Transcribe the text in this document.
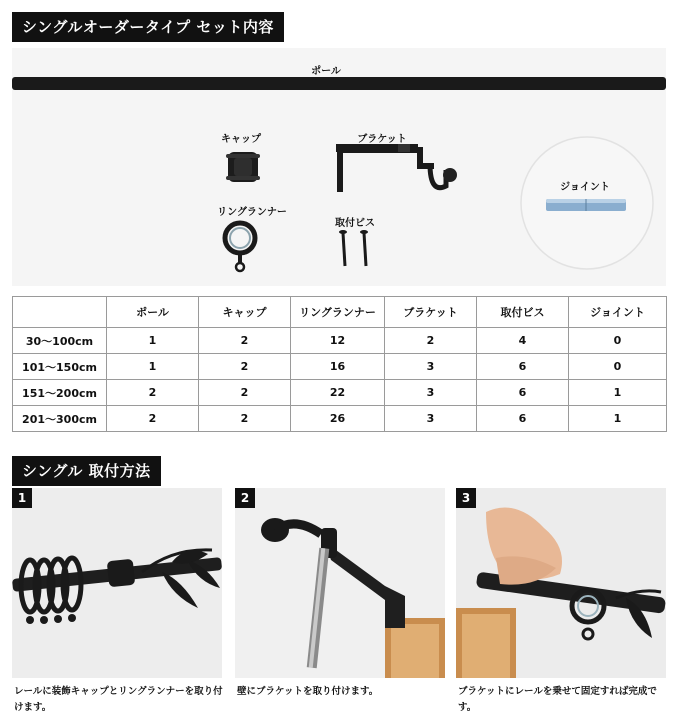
シングルオーダータイプ セット内容
ポール
キャップ	ブラケット
リングランナー
取付ビス
ジョイント
	ポール	キャップ	リングランナー	ブラケット	取付ビス	ジョイント
30〜100cm	1	2	12	2	4	0
101〜150cm	1	2	16	3	6	0
151〜200cm	2	2	22	3	6	1
201〜300cm	2	2	26	3	6	1
シングル 取付方法
1
レールに装飾キャップとリングランナーを取り付けます。
2
壁にブラケットを取り付けます。
3
ブラケットにレールを乗せて固定すれば完成です。
